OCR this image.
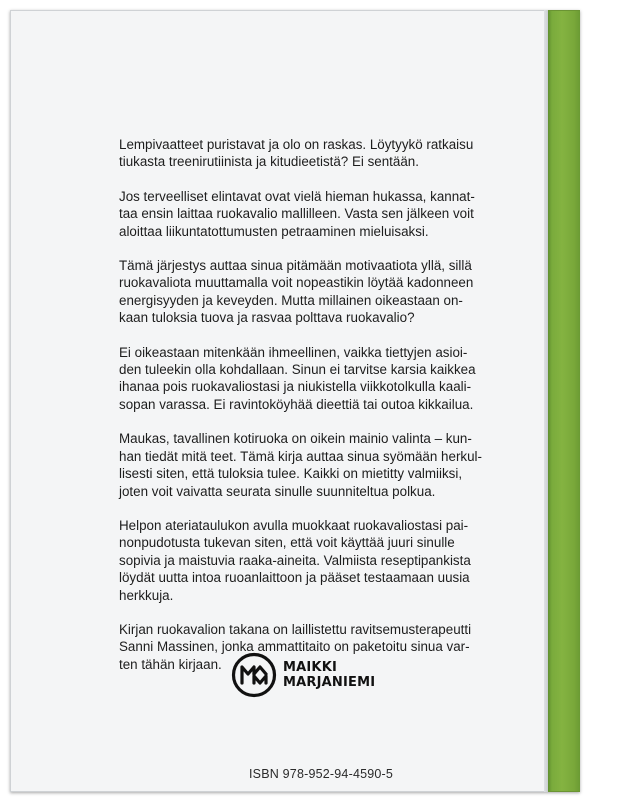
Lempivaatteet puristavat ja olo on raskas. Löytyykö ratkaisu
tiukasta treenirutiinista ja kitudieetistä? Ei sentään.

Jos terveelliset elintavat ovat vielä hieman hukassa, kannat-
taa ensin laittaa ruokavalio mallilleen. Vasta sen jälkeen voit
aloittaa liikuntatottumusten petraaminen mieluisaksi.

Tämä järjestys auttaa sinua pitämään motivaatiota yllä, sillä
ruokavaliota muuttamalla voit nopeastikin löytää kadonneen
energisyyden ja keveyden. Mutta millainen oikeastaan on-
kaan tuloksia tuova ja rasvaa polttava ruokavalio?

Ei oikeastaan mitenkään ihmeellinen, vaikka tiettyjen asioi-
den tuleekin olla kohdallaan. Sinun ei tarvitse karsia kaikkea
ihanaa pois ruokavaliostasi ja niukistella viikkotolkulla kaali-
sopan varassa. Ei ravintoköyhää dieettiä tai outoa kikkailua.

Maukas, tavallinen kotiruoka on oikein mainio valinta – kun-
han tiedät mitä teet. Tämä kirja auttaa sinua syömään herkul-
lisesti siten, että tuloksia tulee. Kaikki on mietitty valmiiksi,
joten voit vaivatta seurata sinulle suunniteltua polkua.

Helpon ateriataulukon avulla muokkaat ruokavaliostasi pai-
nonpudotusta tukevan siten, että voit käyttää juuri sinulle
sopivia ja maistuvia raaka-aineita. Valmiista reseptipankista
löydät uutta intoa ruoanlaittoon ja pääset testaamaan uusia
herkkuja.

Kirjan ruokavalion takana on laillistettu ravitsemusterapeutti
Sanni Massinen, jonka ammattitaito on paketoitu sinua var-
ten tähän kirjaan.	MAIKKI
MARJANIEMI
ISBN 978-952-94-4590-5
